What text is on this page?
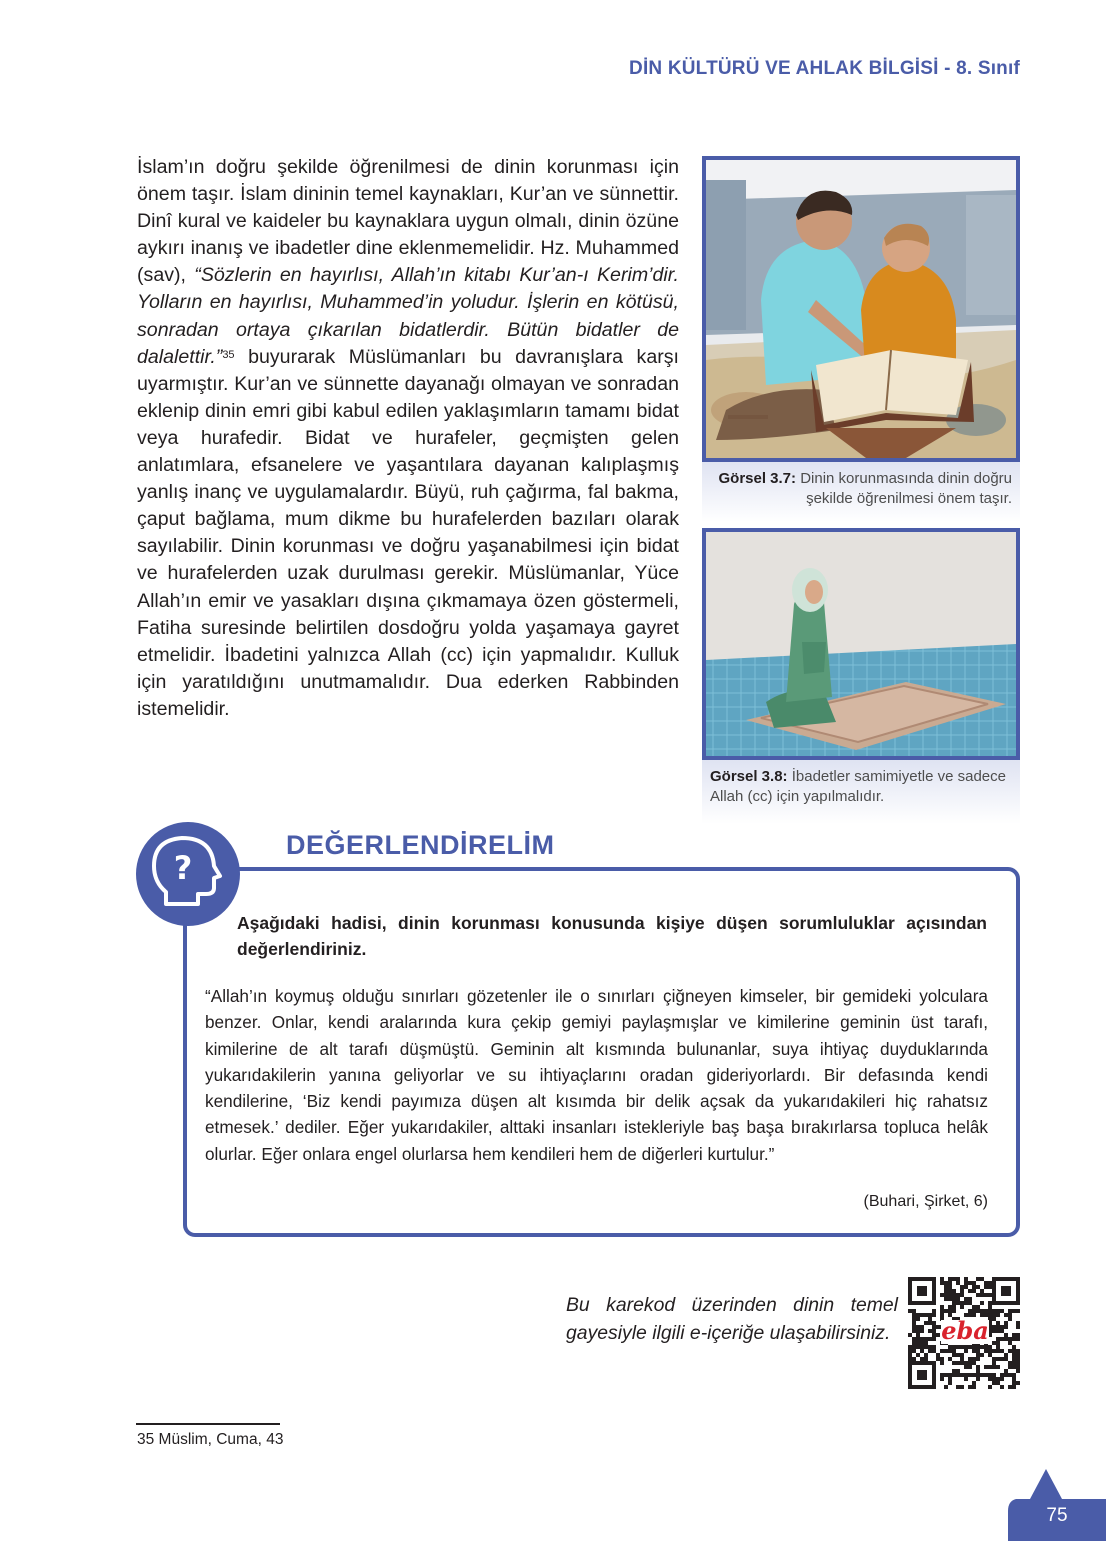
DİN KÜLTÜRÜ VE AHLAK BİLGİSİ - 8. Sınıf

İslam’ın doğru şekilde öğrenilmesi de dinin korunması için önem taşır. İslam dininin temel kaynakları, Kur’an ve sünnettir. Dinî kural ve kaideler bu kaynaklara uygun olmalı, dinin özüne aykırı inanış ve ibadetler dine eklenmemelidir. Hz. Muhammed (sav), “Sözlerin en hayırlısı, Allah’ın kitabı Kur’an-ı Kerim’dir. Yolların en hayırlısı, Muhammed’in yoludur. İşlerin en kötüsü, sonradan ortaya çıkarılan bidatlerdir. Bütün bidatler de dalalettir.”$^{35}$ buyurarak Müslümanları bu davranışlara karşı uyarmıştır. Kur’an ve sünnette dayanağı olmayan ve sonradan eklenip dinin emri gibi kabul edilen yaklaşımların tamamı bidat veya hurafedir. Bidat ve hurafeler, geçmişten gelen anlatımlara, efsanelere ve yaşantılara dayanan kalıplaşmış yanlış inanç ve uygulamalardır. Büyü, ruh çağırma, fal bakma, çaput bağlama, mum dikme bu hurafelerden bazıları olarak sayılabilir. Dinin korunması ve doğru yaşanabilmesi için bidat ve hurafelerden uzak durulması gerekir. Müslümanlar, Yüce Allah’ın emir ve yasakları dışına çıkmamaya özen göstermeli, Fatiha suresinde belirtilen dosdoğru yolda yaşamaya gayret etmelidir. İbadetini yalnızca Allah (cc) için yapmalıdır. Kulluk için yaratıldığını unutmamalıdır. Dua ederken Rabbinden istemelidir.

Görsel 3.7: Dinin korunmasında dinin doğru şekilde öğrenilmesi önem taşır.
Görsel 3.8: İbadetler samimiyetle ve sadece Allah (cc) için yapılmalıdır.
?
DEĞERLENDİRELİM
Aşağıdaki hadisi, dinin korunması konusunda kişiye düşen sorumluluklar açısından değerlendiriniz.
“Allah’ın koymuş olduğu sınırları gözetenler ile o sınırları çiğneyen kimseler, bir gemideki yolculara benzer. Onlar, kendi aralarında kura çekip gemiyi paylaşmışlar ve kimilerine geminin üst tarafı, kimilerine de alt tarafı düşmüştü. Geminin alt kısmında bulunanlar, suya ihtiyaç duyduklarında yukarıdakilerin yanına geliyorlar ve su ihtiyaçlarını oradan gideriyorlardı. Bir defasında kendi kendilerine, ‘Biz kendi payımıza düşen alt kısımda bir delik açsak da yukarıdakileri hiç rahatsız etmesek.’ dediler. Eğer yukarıdakiler, alttaki insanları istekleriyle baş başa bırakırlarsa topluca helâk olurlar. Eğer onlara engel olurlarsa hem kendileri hem de diğerleri kurtulur.”
(Buhari, Şirket, 6)
Bu karekod üzerinden dinin temel gayesiyle ilgili e-içeriğe ulaşabilirsiniz.	eba
35 Müslim, Cuma, 43
75
